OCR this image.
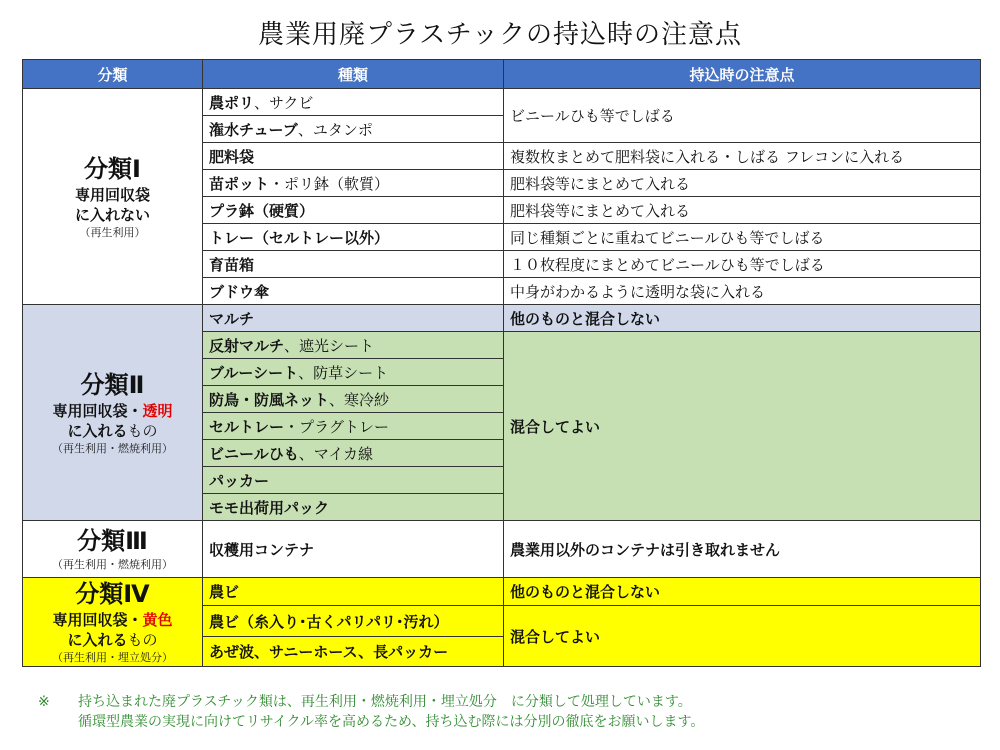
農業用廃プラスチックの持込時の注意点
分類	種類	持込時の注意点

分類Ⅰ
専用回収袋
に入れない
（再生利用）	農ポリ、サクビ	ビニールひも等でしばる
	潅水チューブ、ユタンポ	
	肥料袋	複数枚まとめて肥料袋に入れる・しばる フレコンに入れる
	苗ポット・ポリ鉢（軟質）	肥料袋等にまとめて入れる
	プラ鉢（硬質）	肥料袋等にまとめて入れる
	トレー（セルトレー以外）	同じ種類ごとに重ねてビニールひも等でしばる
	育苗箱	１０枚程度にまとめてビニールひも等でしばる
	ブドウ傘	中身がわかるように透明な袋に入れる

分類Ⅱ
専用回収袋・透明
に入れるもの
（再生利用・燃焼利用）	マルチ	他のものと混合しない
	反射マルチ、遮光シート	混合してよい
	ブルーシート、防草シート	
	防鳥・防風ネット、寒冷紗	
	セルトレー・プラグトレー	
	ビニールひも、マイカ線	
	パッカー	
	モモ出荷用パック	

分類Ⅲ
（再生利用・燃焼利用）	収穫用コンテナ	農業用以外のコンテナは引き取れません

分類Ⅳ
専用回収袋・黄色
に入れるもの
（再生利用・埋立処分）	農ビ	他のものと混合しない
	農ビ（糸入り･古くパリパリ･汚れ）	混合してよい
	あぜ波、サニーホース、長パッカー	
※ 持ち込まれた廃プラスチック類は、再生利用・燃焼利用・埋立処分　に分類して処理しています。
循環型農業の実現に向けてリサイクル率を高めるため、持ち込む際には分別の徹底をお願いします。
